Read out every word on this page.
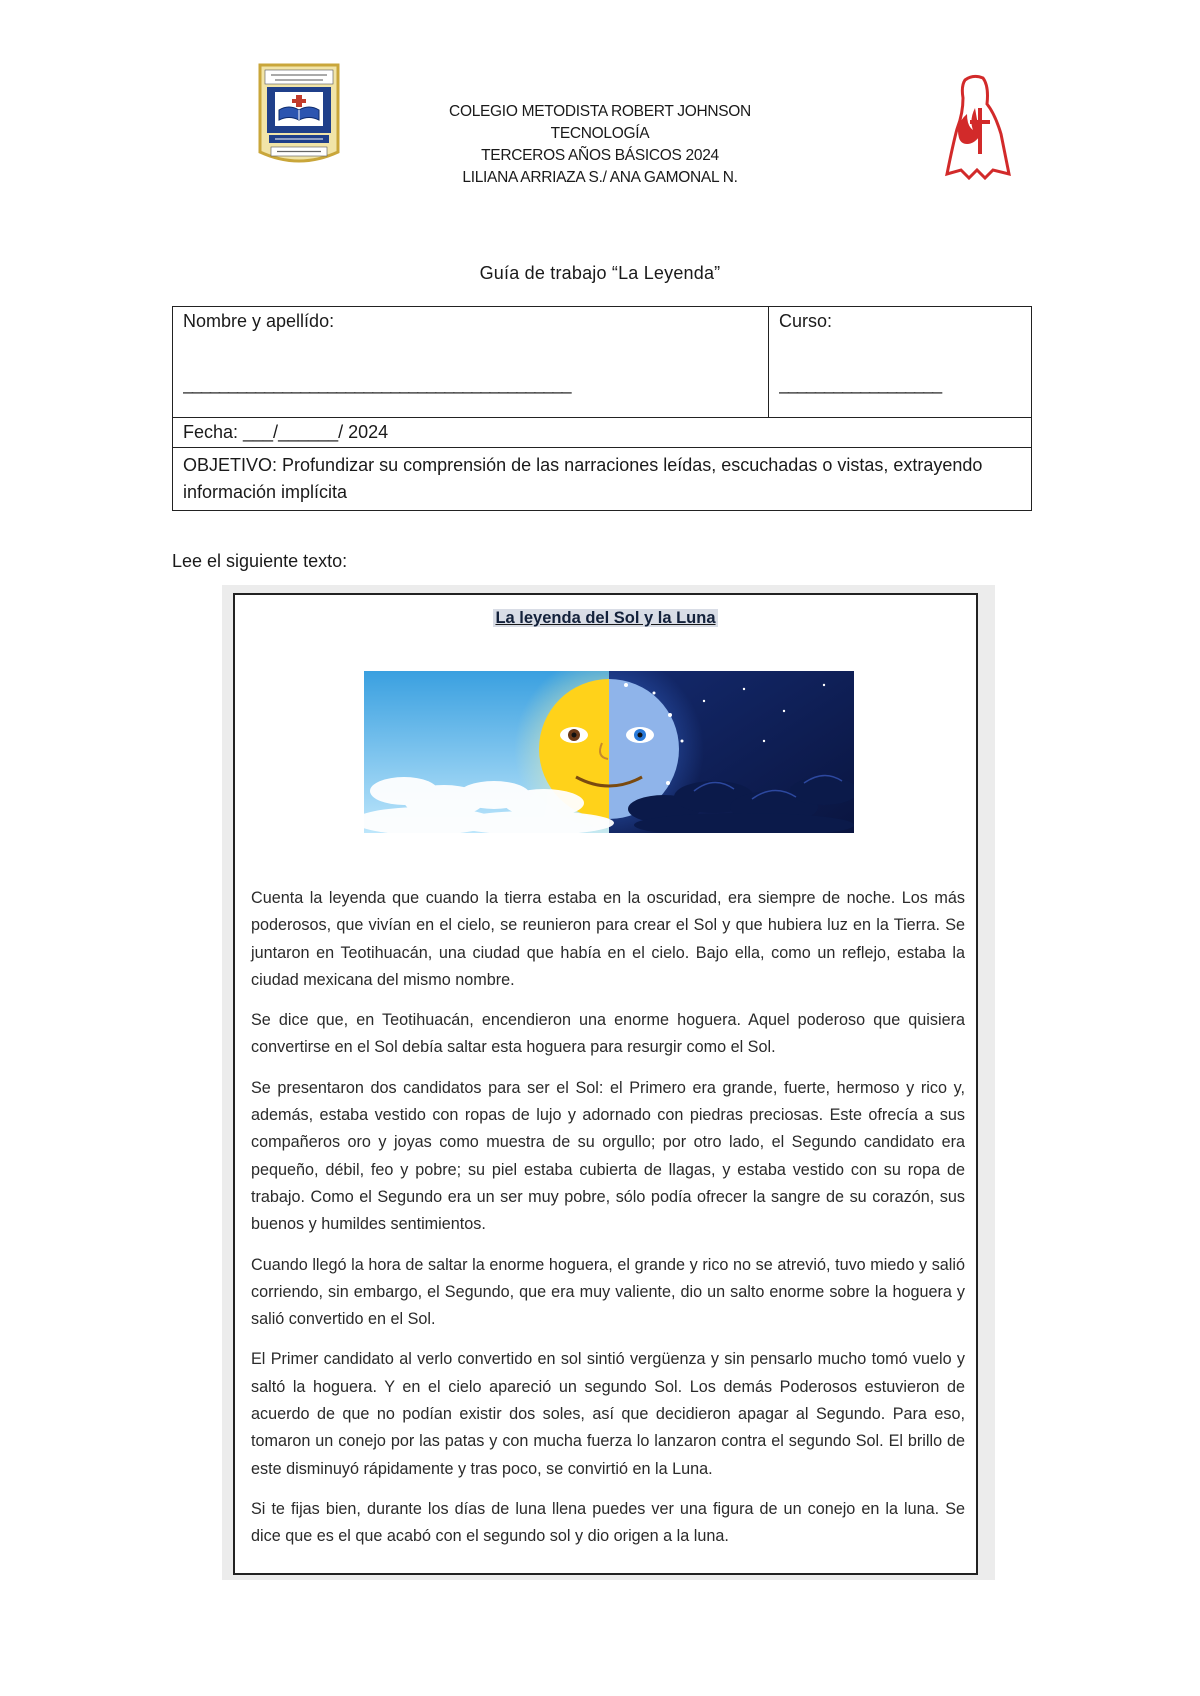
COLEGIO METODISTA ROBERT JOHNSON
TECNOLOGÍA
TERCEROS AÑOS BÁSICOS 2024
LILIANA ARRIAZA S./ ANA GAMONAL N.
Guía de trabajo “La Leyenda”
Nombre y apellído:
___________________________________________

Curso:
__________________

Fecha: ___/______/ 2024
OBJETIVO: Profundizar su comprensión de las narraciones leídas, escuchadas o vistas, extrayendo información implícita
Lee el siguiente texto:
La leyenda del Sol y la Luna

Cuenta la leyenda que cuando la tierra estaba en la oscuridad, era siempre de noche. Los más poderosos, que vivían en el cielo, se reunieron para crear el Sol y que hubiera luz en la Tierra. Se juntaron en Teotihuacán, una ciudad que había en el cielo. Bajo ella, como un reflejo, estaba la ciudad mexicana del mismo nombre.

Se dice que, en Teotihuacán, encendieron una enorme hoguera. Aquel poderoso que quisiera convertirse en el Sol debía saltar esta hoguera para resurgir como el Sol.

Se presentaron dos candidatos para ser el Sol: el Primero era grande, fuerte, hermoso y rico y, además, estaba vestido con ropas de lujo y adornado con piedras preciosas. Este ofrecía a sus compañeros oro y joyas como muestra de su orgullo; por otro lado, el Segundo candidato era pequeño, débil, feo y pobre; su piel estaba cubierta de llagas, y estaba vestido con su ropa de trabajo. Como el Segundo era un ser muy pobre, sólo podía ofrecer la sangre de su corazón, sus buenos y humildes sentimientos.

Cuando llegó la hora de saltar la enorme hoguera, el grande y rico no se atrevió, tuvo miedo y salió corriendo, sin embargo, el Segundo, que era muy valiente, dio un salto enorme sobre la hoguera y salió convertido en el Sol.

El Primer candidato al verlo convertido en sol sintió vergüenza y sin pensarlo mucho tomó vuelo y saltó la hoguera. Y en el cielo apareció un segundo Sol. Los demás Poderosos estuvieron de acuerdo de que no podían existir dos soles, así que decidieron apagar al Segundo. Para eso, tomaron un conejo por las patas y con mucha fuerza lo lanzaron contra el segundo Sol. El brillo de este disminuyó rápidamente y tras poco, se convirtió en la Luna.

Si te fijas bien, durante los días de luna llena puedes ver una figura de un conejo en la luna. Se dice que es el que acabó con el segundo sol y dio origen a la luna.
